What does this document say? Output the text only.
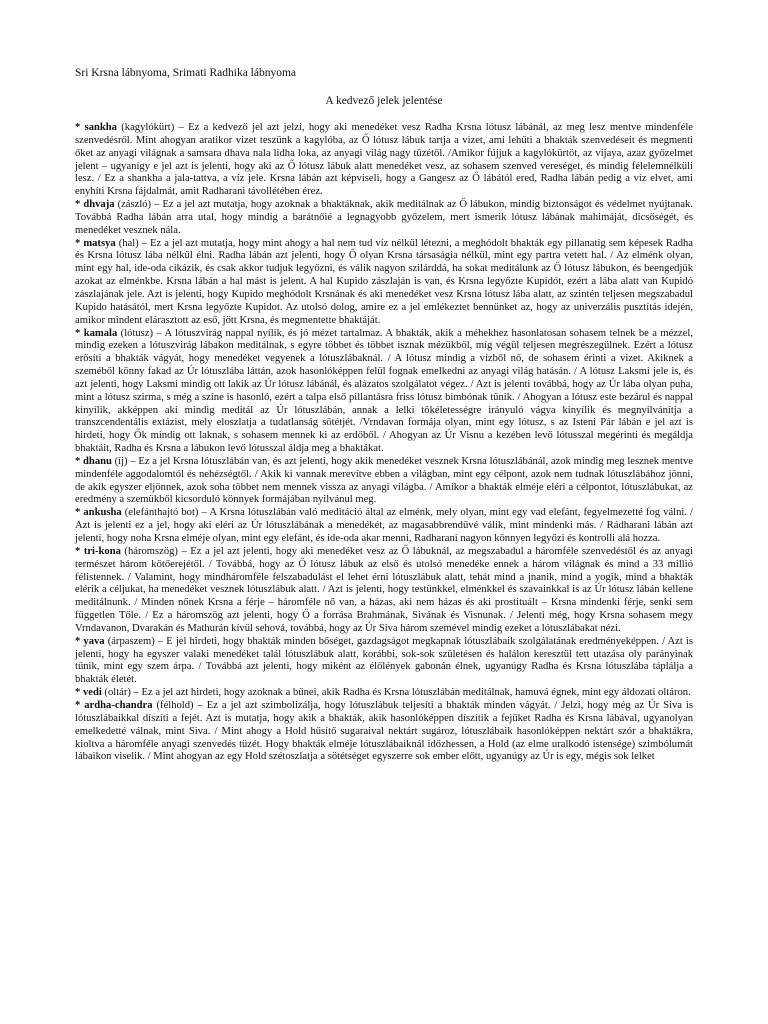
Sri Krsna lábnyoma, Srimati Radhika lábnyoma

A kedvező jelek jelentése

* sankha (kagylókürt) – Ez a kedvező jel azt jelzi, hogy aki menedéket vesz Radha Krsna lótusz lábánál, az meg lesz mentve mindenféle szenvedésről. Mint ahogyan aratikor vizet teszünk a kagylóba, az Ő lótusz lábuk tartja a vizet, ami lehűti a bhakták szenvedéseit és megmenti őket az anyagi világnak a samsara dhava nala lidha loka, az anyagi világ nagy tüzétől. /Amikor fújjuk a kagylókürtöt, az vijaya, azaz győzelmet jelent – ugyanígy e jel azt is jelenti, hogy aki az Ő lótusz lábuk alatt menedéket vesz, az sohasem szenved vereséget, és mindig félelemnélküli lesz. / Ez a shankha a jala-tattva, a víz jele. Krsna lábán azt képviseli, hogy a Gangesz az Ő lábától ered, Radha lábán pedig a víz elvet, ami enyhíti Krsna fájdalmát, amit Radharani távollétében érez.

* dhvaja (zászló) – Ez a jel azt mutatja, hogy azoknak a bhaktáknak, akik meditálnak az Ő lábukon, mindig biztonságot és védelmet nyújtanak. Továbbá Radha lábán arra utal, hogy mindig a barátnőié a legnagyobb győzelem, mert ismerik lótusz lábának mahimáját, dicsőségét, és menedéket vesznek nála.

* matsya (hal) – Ez a jel azt mutatja, hogy mint ahogy a hal nem tud víz nélkül létezni, a meghódolt bhakták egy pillanatig sem képesek Radha és Krsna lótusz lába nélkül élni. Radha lábán azt jelenti, hogy Ő olyan Krsna társaságia nélkül, mint egy partra vetett hal. / Az elménk olyan, mint egy hal, ide-oda cikázik, és csak akkor tudjuk legyőzni, és válik nagyon szilárddá, ha sokat meditálunk az Ő lótusz lábukon, és beengedjük azokat az elménkbe. Krsna lábán a hal mást is jelent. A hal Kupido zászlaján is van, és Krsna legyőzte Kupidót, ezért a lába alatt van Kupidó zászlajának jele. Azt is jelenti, hogy Kupido meghódolt Krsnának és aki menedéket vesz Krsna lótusz lába alatt, az szintén teljesen megszabadul Kupido hatásától, mert Krsna legyőzte Kupidot. Az utolsó dolog, amire ez a jel emlékeztet bennünket az, hogy az univerzális pusztítás idején, amikor mindent elárasztott az eső, jött Krsna, és megmentette bhaktáját.

* kamala (lótusz) – A lótuszvirág nappal nyílik, és jó mézet tartalmaz. A bhakták, akik a méhekhez hasonlatosan sohasem telnek be a mézzel, mindig ezeken a lótuszvirág lábakon meditálnak, s egyre többet és többet isznak mézükből, míg végül teljesen megrészegülnek. Ezért a lótusz erősíti a bhakták vágyát, hogy menedéket vegyenek a lótuszlábaknál. / A lótusz mindig a vízből nő, de sohasem érinti a vizet. Akiknek a szeméből könny fakad az Úr lótuszlába láttán, azok hasonlóképpen felül fognak emelkedni az anyagi világ hatásán. / A lótusz Laksmi jele is, és azt jelenti, hogy Laksmi mindig ott lakik az Úr lótusz lábánál, és alázatos szolgálatot végez. / Azt is jelenti továbbá, hogy az Úr lába olyan puha, mint a lótusz szirma, s még a színe is hasonló, ezért a talpa első pillantásra friss lótusz bimbónak tűnik. / Ahogyan a lótusz este bezárul és nappal kinyílik, akképpen aki mindig meditál az Úr lótuszlábán, annak a lelki tökéletességre irányuló vágya kinyílik és megnyilvánítja a transzcendentális extázist, mely eloszlatja a tudatlanság sötétjét. /Vrndavan formája olyan, mint egy lótusz, s az Isteni Pár lábán e jel azt is hirdeti, hogy Ők mindig ott laknak, s sohasem mennek ki az erdőből. / Ahogyan az Úr Visnu a kezében levő lótusszal megérinti és megáldja bhaktáit, Radha és Krsna a lábukon levő lótusszal áldja meg a bhaktákat.

* dhanu (íj) – Ez a jel Krsna lótuszlábán van, és azt jelenti, hogy akik menedéket vesznek Krsna lótuszlábánál, azok mindig meg lesznek mentve mindenféle aggodalomtól és nehézségtől. / Akik ki vannak merevítve ebben a világban, mint egy célpont, azok nem tudnak lótuszlábához jönni, de akik egyszer eljönnek, azok soha többet nem mennek vissza az anyagi világba. / Amikor a bhakták elméje eléri a célpontot, lótuszlábukat, az eredmény a szemükből kicsorduló könnyek formájában nyilvánul meg.

* ankusha (elefánthajtó bot) – A Krsna lótuszlábán való meditáció által az elménk, mely olyan, mint egy vad elefánt, fegyelmezetté fog válni. / Azt is jelenti ez a jel, hogy aki eléri az Úr lótuszlábának a menedékét, az magasabbrendűvé válik, mint mindenki más. / Rádharani lábán azt jelenti, hogy noha Krsna elméje olyan, mint egy elefánt, és ide-oda akar menni, Radharani nagyon könnyen legyőzi és kontrolli alá hozza.

* tri-kona (háromszög) – Ez a jel azt jelenti, hogy aki menedéket vesz az Ő lábuknál, az megszabadul a háromféle szenvedéstől és az anyagi természet három kötőerejétől. / Továbbá, hogy az Ő lótusz lábuk az első és utolsó menedéke ennek a három világnak és mind a 33 millió félistennek. / Valamint, hogy mindháromféle felszabadulást el lehet érni lótuszlábuk alatt, tehát mind a jnanik, mind a yogik, mind a bhakták elérik a céljukat, ha menedéket vesznek lótuszlábuk alatt. / Azt is jelenti, hogy testünkkel, elménkkel és szavainkkal is az Úr lótusz lábán kellene meditálnunk. / Minden nőnek Krsna a férje – háromféle nő van, a házas, aki nem házas és aki prostituált – Krsna mindenki férje, senki sem független Tőle. / Ez a háromszög azt jelenti, hogy Ő a forrása Brahmának, Sivának és Visnunak. / Jelenti még, hogy Krsna sohasem megy Vrndavanon, Dvarakán és Mathurán kívül sehová, továbbá, hogy az Úr Siva három szemével mindig ezeket a lótuszlábakat nézi.

* yava (árpaszem) – E jel hirdeti, hogy bhakták minden bőséget, gazdagságot megkapnak lótuszlábaik szolgálatának eredményeképpen. / Azt is jelenti, hogy ha egyszer valaki menedéket talál lótuszlábuk alatt, korábbi, sok-sok születésen és halálon keresztül tett utazása oly parányinak tűnik, mint egy szem árpa. / Továbbá azt jelenti, hogy miként az élőlények gabonán élnek, ugyanúgy Radha és Krsna lótuszlába táplálja a bhakták életét.

* vedi (oltár) – Ez a jel azt hirdeti, hogy azoknak a bűnei, akik Radha és Krsna lótuszlábán meditálnak, hamuvá égnek, mint egy áldozati oltáron.

* ardha-chandra (félhold) – Ez a jel azt szimbolizálja, hogy lótuszlábuk teljesíti a bhakták minden vágyát. / Jelzi, hogy még az Úr Siva is lótuszlábaikkal díszíti a fejét. Azt is mutatja, hogy akik a bhakták, akik hasonlóképpen díszítik a fejüket Radha és Krsna lábával, ugyanolyan emelkedetté válnak, mint Siva. / Mint ahogy a Hold hűsítő sugaraival nektárt sugároz, lótuszlábaik hasonlóképpen nektárt szór a bhaktákra, kioltva a háromféle anyagi szenvedés tüzét. Hogy bhakták elméje lótuszlábaiknál időzhessen, a Hold (az elme uralkodó istensége) szimbólumát lábaikon viselik. / Mint ahogyan az egy Hold szétoszlatja a sötétséget egyszerre sok ember előtt, ugyanúgy az Úr is egy, mégis sok lelket
